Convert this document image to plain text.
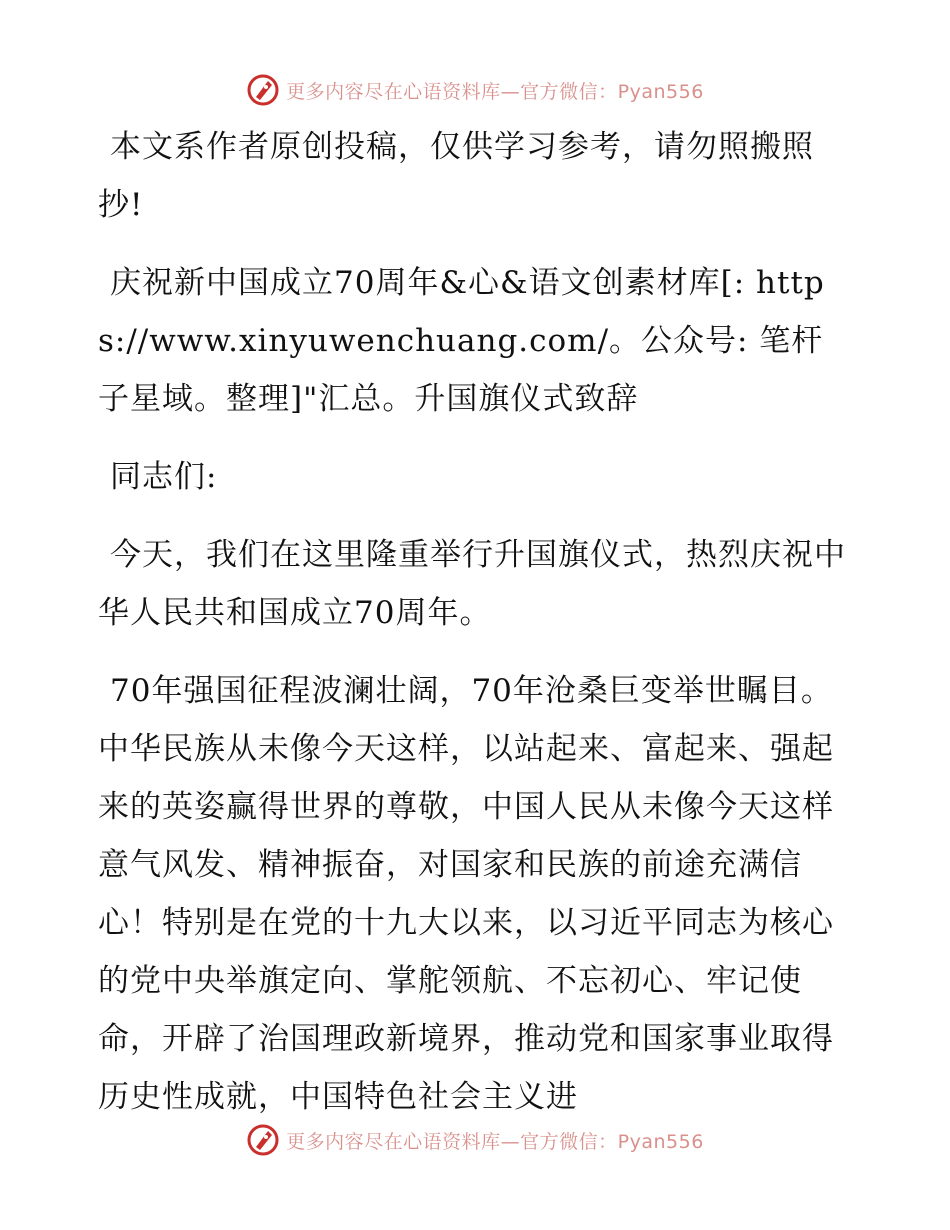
更多内容尽在心语资料库—官方微信：Pyan556

本文系作者原创投稿，仅供学习参考，请勿照搬照抄!

庆祝新中国成立70周年&心&语文创素材库[: https://www.xinyuwenchuang.com/。公众号: 笔杆子星域。整理]"汇总。升国旗仪式致辞

同志们:

今天，我们在这里隆重举行升国旗仪式，热烈庆祝中华人民共和国成立70周年。

70年强国征程波澜壮阔，70年沧桑巨变举世瞩目。中华民族从未像今天这样，以站起来、富起来、强起来的英姿赢得世界的尊敬，中国人民从未像今天这样意气风发、精神振奋，对国家和民族的前途充满信心！特别是在党的十九大以来，以习近平同志为核心的党中央举旗定向、掌舵领航、不忘初心、牢记使命，开辟了治国理政新境界，推动党和国家事业取得历史性成就，中国特色社会主义进

更多内容尽在心语资料库—官方微信：Pyan556
